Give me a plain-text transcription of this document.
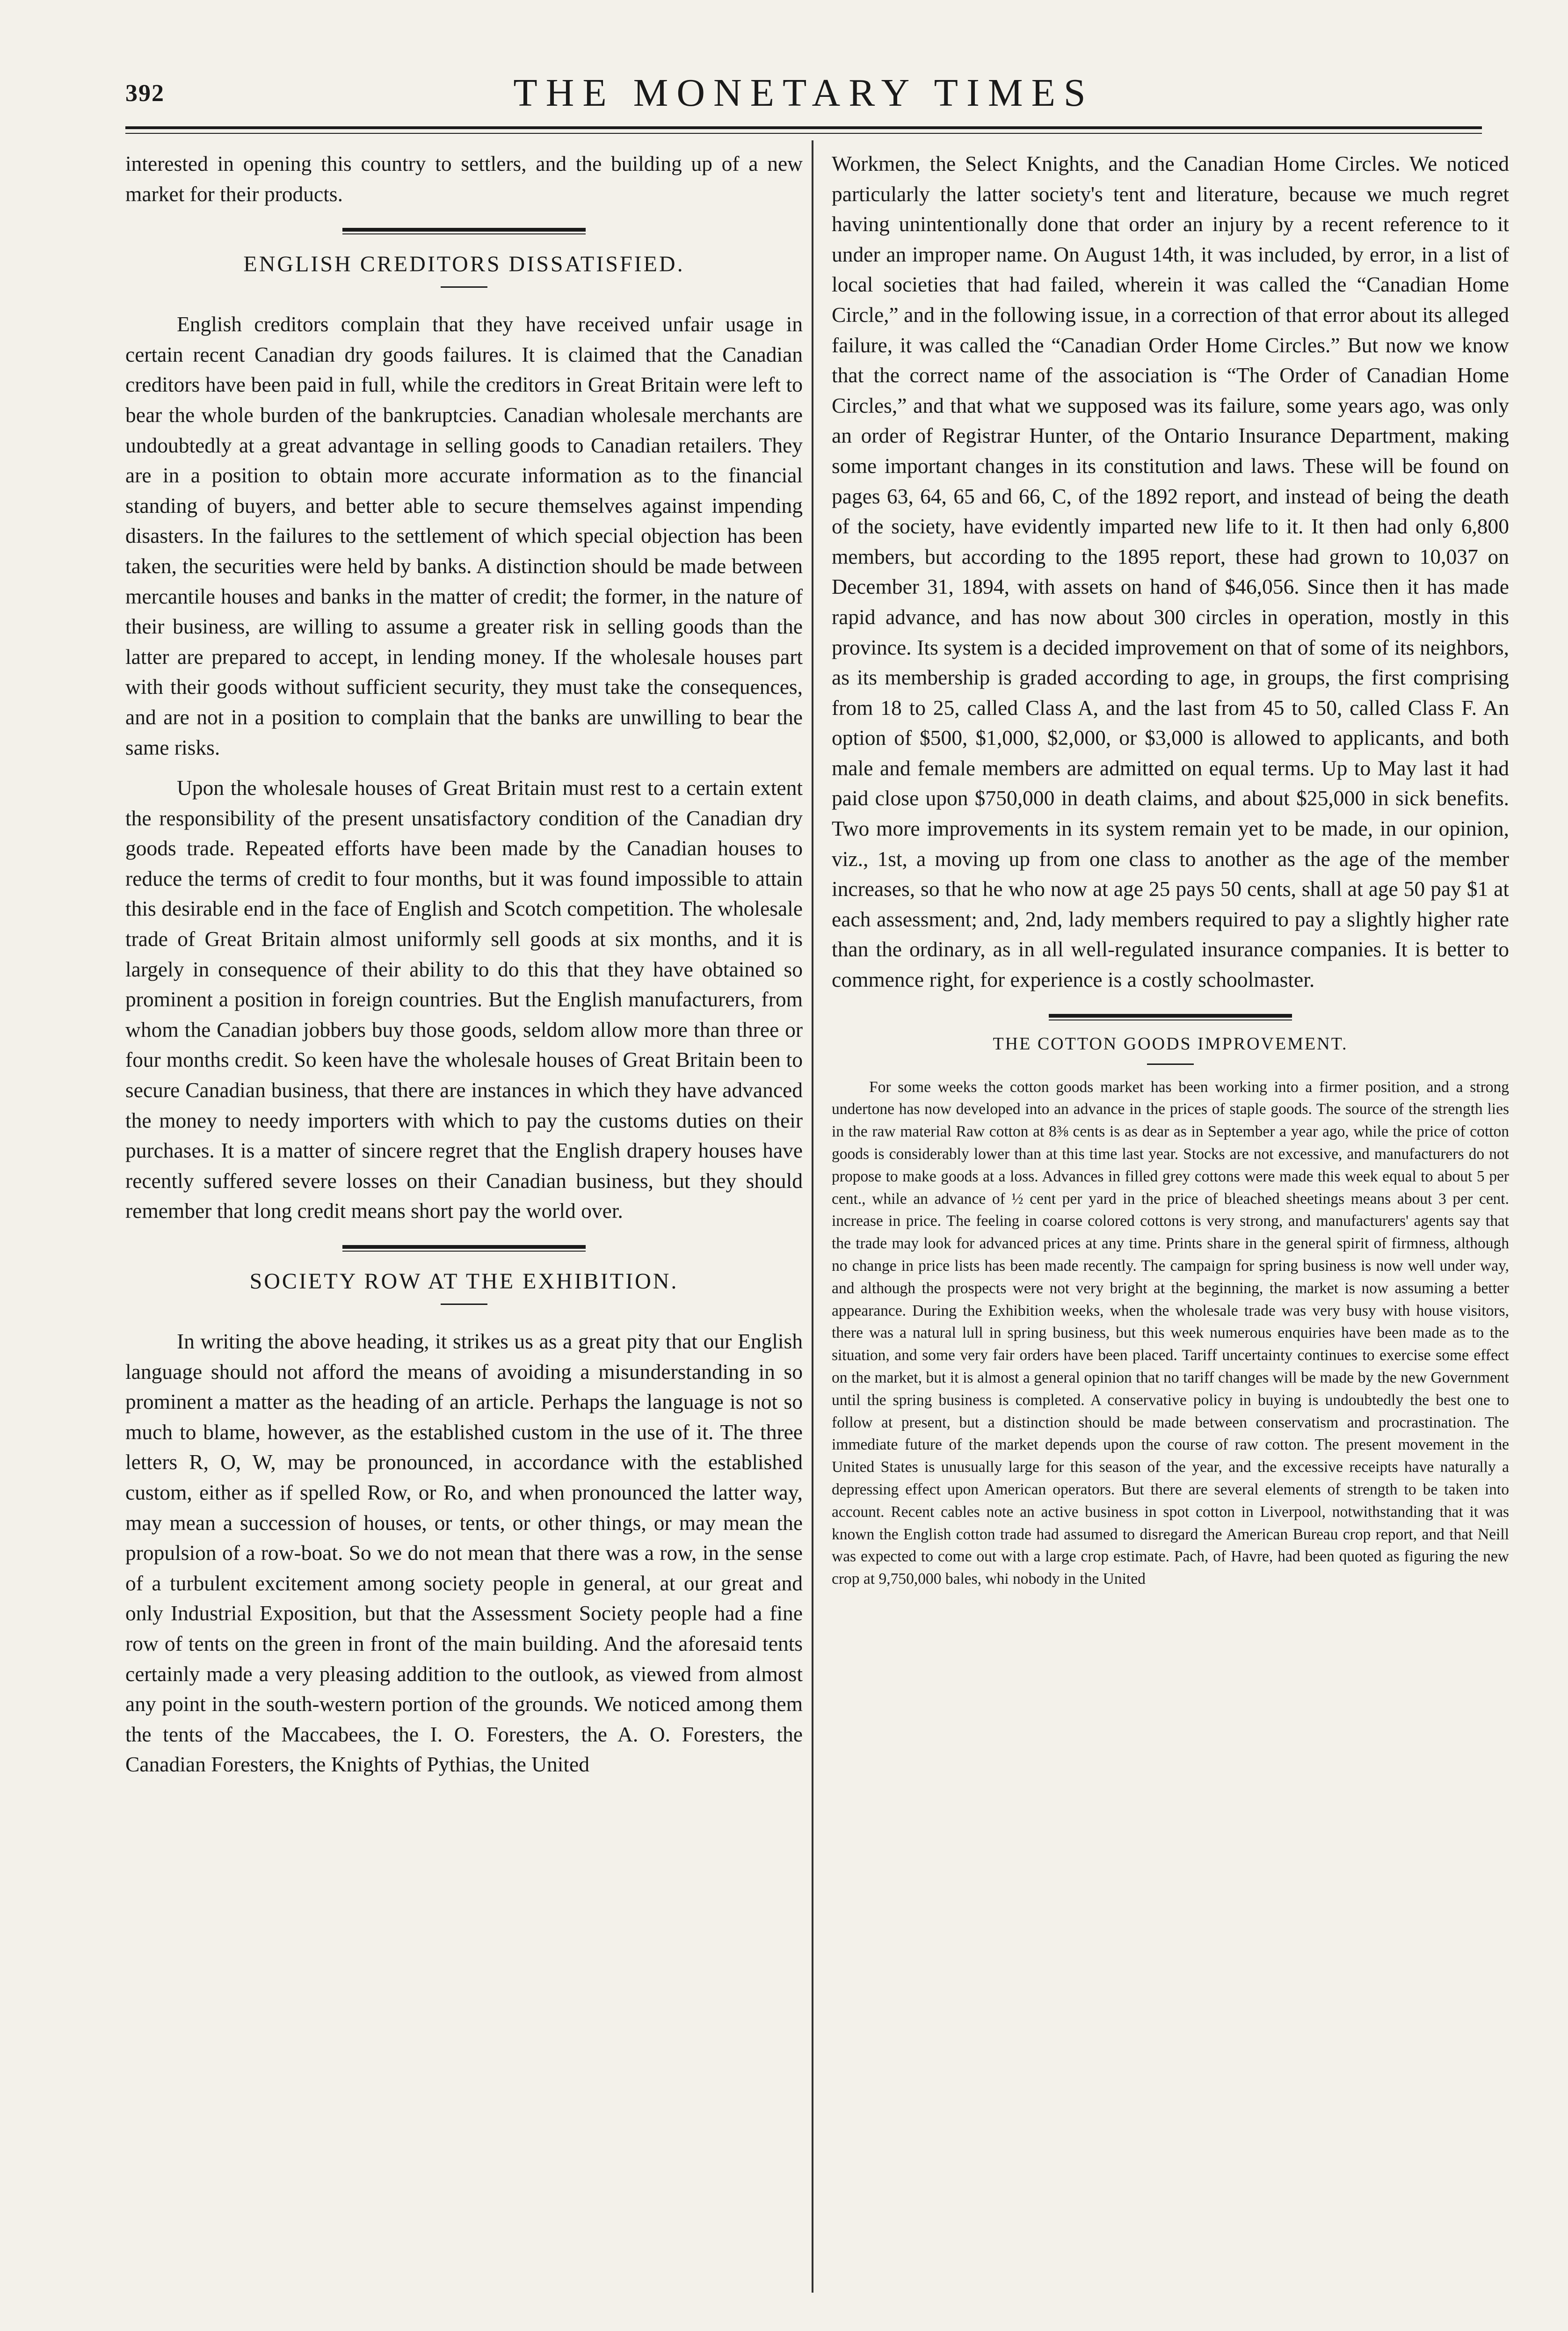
392	THE MONETARY TIMES

interested in opening this country to settlers, and the building up of a new market for their products.

ENGLISH CREDITORS DISSATISFIED.

English creditors complain that they have received unfair usage in certain recent Canadian dry goods failures. It is claimed that the Canadian creditors have been paid in full, while the creditors in Great Britain were left to bear the whole burden of the bankruptcies. Canadian wholesale merchants are undoubtedly at a great advantage in selling goods to Canadian retailers. They are in a position to obtain more accurate information as to the financial standing of buyers, and better able to secure themselves against impending disasters. In the failures to the settlement of which special objection has been taken, the securities were held by banks. A distinction should be made between mercantile houses and banks in the matter of credit; the former, in the nature of their business, are willing to assume a greater risk in selling goods than the latter are prepared to accept, in lending money. If the wholesale houses part with their goods without sufficient security, they must take the consequences, and are not in a position to complain that the banks are unwilling to bear the same risks.

Upon the wholesale houses of Great Britain must rest to a certain extent the responsibility of the present unsatisfactory condition of the Canadian dry goods trade. Repeated efforts have been made by the Canadian houses to reduce the terms of credit to four months, but it was found impossible to attain this desirable end in the face of English and Scotch competition. The wholesale trade of Great Britain almost uniformly sell goods at six months, and it is largely in consequence of their ability to do this that they have obtained so prominent a position in foreign countries. But the English manufacturers, from whom the Canadian jobbers buy those goods, seldom allow more than three or four months credit. So keen have the wholesale houses of Great Britain been to secure Canadian business, that there are instances in which they have advanced the money to needy importers with which to pay the customs duties on their purchases. It is a matter of sincere regret that the English drapery houses have recently suffered severe losses on their Canadian business, but they should remember that long credit means short pay the world over.

SOCIETY ROW AT THE EXHIBITION.

In writing the above heading, it strikes us as a great pity that our English language should not afford the means of avoiding a misunderstanding in so prominent a matter as the heading of an article. Perhaps the language is not so much to blame, however, as the established custom in the use of it. The three letters R, O, W, may be pronounced, in accordance with the established custom, either as if spelled Row, or Ro, and when pronounced the latter way, may mean a succession of houses, or tents, or other things, or may mean the propulsion of a row-boat. So we do not mean that there was a row, in the sense of a turbulent excitement among society people in general, at our great and only Industrial Exposition, but that the Assessment Society people had a fine row of tents on the green in front of the main building. And the aforesaid tents certainly made a very pleasing addition to the outlook, as viewed from almost any point in the south-western portion of the grounds. We noticed among them the tents of the Maccabees, the I. O. Foresters, the A. O. Foresters, the Canadian Foresters, the Knights of Pythias, the United

Workmen, the Select Knights, and the Canadian Home Circles. We noticed particularly the latter society's tent and literature, because we much regret having unintentionally done that order an injury by a recent reference to it under an improper name. On August 14th, it was included, by error, in a list of local societies that had failed, wherein it was called the “Canadian Home Circle,” and in the following issue, in a correction of that error about its alleged failure, it was called the “Canadian Order Home Circles.” But now we know that the correct name of the association is “The Order of Canadian Home Circles,” and that what we supposed was its failure, some years ago, was only an order of Registrar Hunter, of the Ontario Insurance Department, making some important changes in its constitution and laws. These will be found on pages 63, 64, 65 and 66, C, of the 1892 report, and instead of being the death of the society, have evidently imparted new life to it. It then had only 6,800 members, but according to the 1895 report, these had grown to 10,037 on December 31, 1894, with assets on hand of $46,056. Since then it has made rapid advance, and has now about 300 circles in operation, mostly in this province. Its system is a decided improvement on that of some of its neighbors, as its membership is graded according to age, in groups, the first comprising from 18 to 25, called Class A, and the last from 45 to 50, called Class F. An option of $500, $1,000, $2,000, or $3,000 is allowed to applicants, and both male and female members are admitted on equal terms. Up to May last it had paid close upon $750,000 in death claims, and about $25,000 in sick benefits. Two more improvements in its system remain yet to be made, in our opinion, viz., 1st, a moving up from one class to another as the age of the member increases, so that he who now at age 25 pays 50 cents, shall at age 50 pay $1 at each assessment; and, 2nd, lady members required to pay a slightly higher rate than the ordinary, as in all well-regulated insurance companies. It is better to commence right, for experience is a costly schoolmaster.

THE COTTON GOODS IMPROVEMENT.

For some weeks the cotton goods market has been working into a firmer position, and a strong undertone has now developed into an advance in the prices of staple goods. The source of the strength lies in the raw material Raw cotton at 8⅜ cents is as dear as in September a year ago, while the price of cotton goods is considerably lower than at this time last year. Stocks are not excessive, and manufacturers do not propose to make goods at a loss. Advances in filled grey cottons were made this week equal to about 5 per cent., while an advance of ½ cent per yard in the price of bleached sheetings means about 3 per cent. increase in price. The feeling in coarse colored cottons is very strong, and manufacturers' agents say that the trade may look for advanced prices at any time. Prints share in the general spirit of firmness, although no change in price lists has been made recently. The campaign for spring business is now well under way, and although the prospects were not very bright at the beginning, the market is now assuming a better appearance. During the Exhibition weeks, when the wholesale trade was very busy with house visitors, there was a natural lull in spring business, but this week numerous enquiries have been made as to the situation, and some very fair orders have been placed. Tariff uncertainty continues to exercise some effect on the market, but it is almost a general opinion that no tariff changes will be made by the new Government until the spring business is completed. A conservative policy in buying is undoubtedly the best one to follow at present, but a distinction should be made between conservatism and procrastination. The immediate future of the market depends upon the course of raw cotton. The present movement in the United States is unusually large for this season of the year, and the excessive receipts have naturally a depressing effect upon American operators. But there are several elements of strength to be taken into account. Recent cables note an active business in spot cotton in Liverpool, notwithstanding that it was known the English cotton trade had assumed to disregard the American Bureau crop report, and that Neill was expected to come out with a large crop estimate. Pach, of Havre, had been quoted as figuring the new crop at 9,750,000 bales, whi nobody in the United
